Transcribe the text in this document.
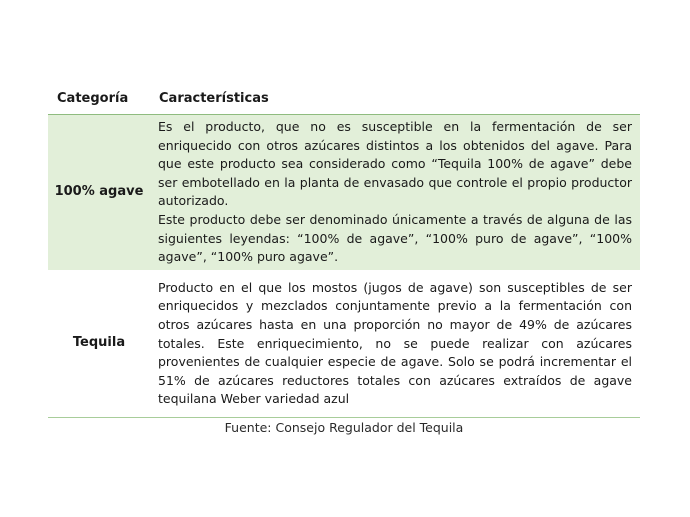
Categoría	Características
100% agave	Es el producto, que no es susceptible en la fermentación de ser enriquecido con otros azúcares distintos a los obtenidos del agave. Para que este producto sea considerado como “Tequila 100% de agave” debe ser embotellado en la planta de envasado que controle el propio productor autorizado.

Este producto debe ser denominado únicamente a través de alguna de las siguientes leyendas: “100% de agave”, “100% puro de agave”, “100% agave”, “100% puro agave”.

Tequila	Producto en el que los mostos (jugos de agave) son susceptibles de ser enriquecidos y mezclados conjuntamente previo a la fermentación con otros azúcares hasta en una proporción no mayor de 49% de azúcares totales. Este enriquecimiento, no se puede realizar con azúcares provenientes de cualquier especie de agave. Solo se podrá incrementar el 51% de azúcares reductores totales con azúcares extraídos de agave tequilana Weber variedad azul

Fuente: Consejo Regulador del Tequila
